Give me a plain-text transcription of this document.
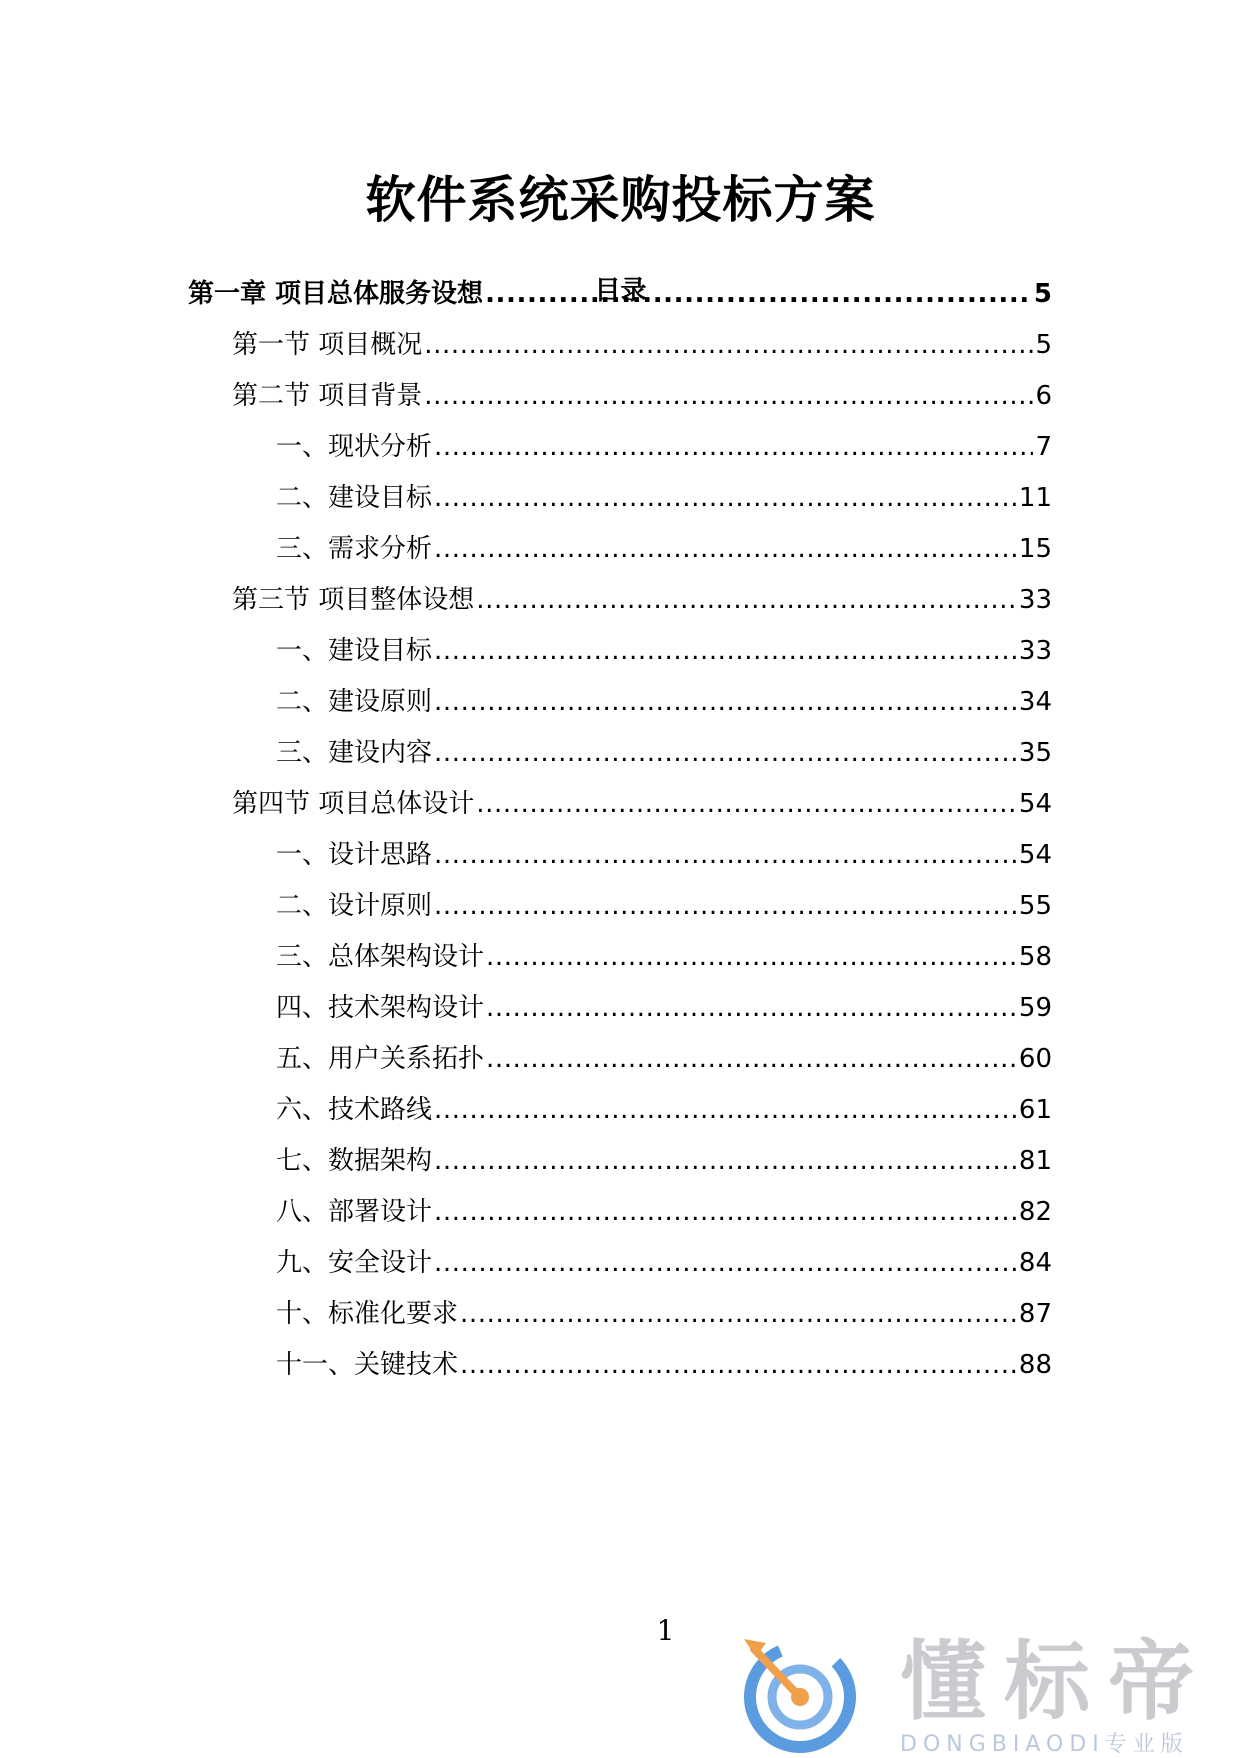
软件系统采购投标方案
目录
第一章 项目总体服务设想 .....	5
第一节 项目概况 .....	5
第二节 项目背景 .....	6
一、现状分析 .....	7
二、建设目标 .....	11
三、需求分析 .....	15
第三节 项目整体设想 .....	33
一、建设目标 .....	33
二、建设原则 .....	34
三、建设内容 .....	35
第四节 项目总体设计 .....	54
一、设计思路 .....	54
二、设计原则 .....	55
三、总体架构设计 .....	58
四、技术架构设计 .....	59
五、用户关系拓扑 .....	60
六、技术路线 .....	61
七、数据架构 .....	81
八、部署设计 .....	82
九、安全设计 .....	84
十、标准化要求 .....	87
十一、关键技术 .....	88
1
懂标帝
DONGBIAODI专业版
